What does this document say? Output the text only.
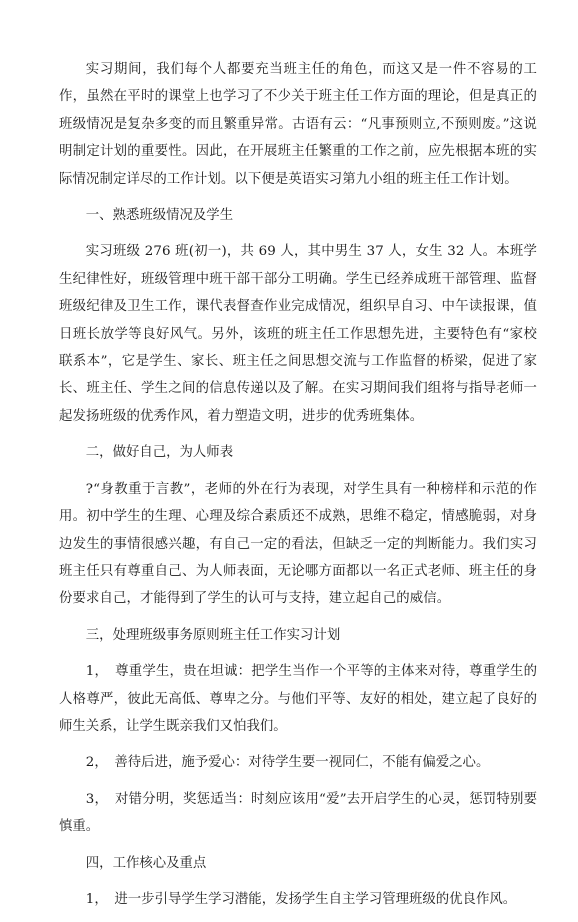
实习期间，我们每个人都要充当班主任的角色，而这又是一件不容易的工作，虽然在平时的课堂上也学习了不少关于班主任工作方面的理论，但是真正的班级情况是复杂多变的而且繁重异常。古语有云：“凡事预则立,不预则废。”这说明制定计划的重要性。因此，在开展班主任繁重的工作之前，应先根据本班的实际情况制定详尽的工作计划。以下便是英语实习第九小组的班主任工作计划。

一、熟悉班级情况及学生

实习班级 276 班(初一)，共 69 人，其中男生 37 人，女生 32 人。本班学生纪律性好，班级管理中班干部干部分工明确。学生已经养成班干部管理、监督班级纪律及卫生工作，课代表督查作业完成情况，组织早自习、中午读报课，值日班长放学等良好风气。另外，该班的班主任工作思想先进，主要特色有“家校联系本”，它是学生、家长、班主任之间思想交流与工作监督的桥梁，促进了家长、班主任、学生之间的信息传递以及了解。在实习期间我们组将与指导老师一起发扬班级的优秀作风，着力塑造文明，进步的优秀班集体。

二，做好自己，为人师表

?“身教重于言教”，老师的外在行为表现，对学生具有一种榜样和示范的作用。初中学生的生理、心理及综合素质还不成熟，思维不稳定，情感脆弱，对身边发生的事情很感兴趣，有自己一定的看法，但缺乏一定的判断能力。我们实习班主任只有尊重自己、为人师表面，无论哪方面都以一名正式老师、班主任的身份要求自己，才能得到了学生的认可与支持，建立起自己的威信。

三，处理班级事务原则班主任工作实习计划

1，　尊重学生，贵在坦诚：把学生当作一个平等的主体来对待，尊重学生的人格尊严，彼此无高低、尊卑之分。与他们平等、友好的相处，建立起了良好的师生关系，让学生既亲我们又怕我们。

2，　善待后进，施予爱心：对待学生要一视同仁，不能有偏爱之心。

3，　对错分明，奖惩适当：时刻应该用“爱”去开启学生的心灵，惩罚特别要慎重。

四，工作核心及重点

1，　进一步引导学生学习潜能，发扬学生自主学习管理班级的优良作风。
